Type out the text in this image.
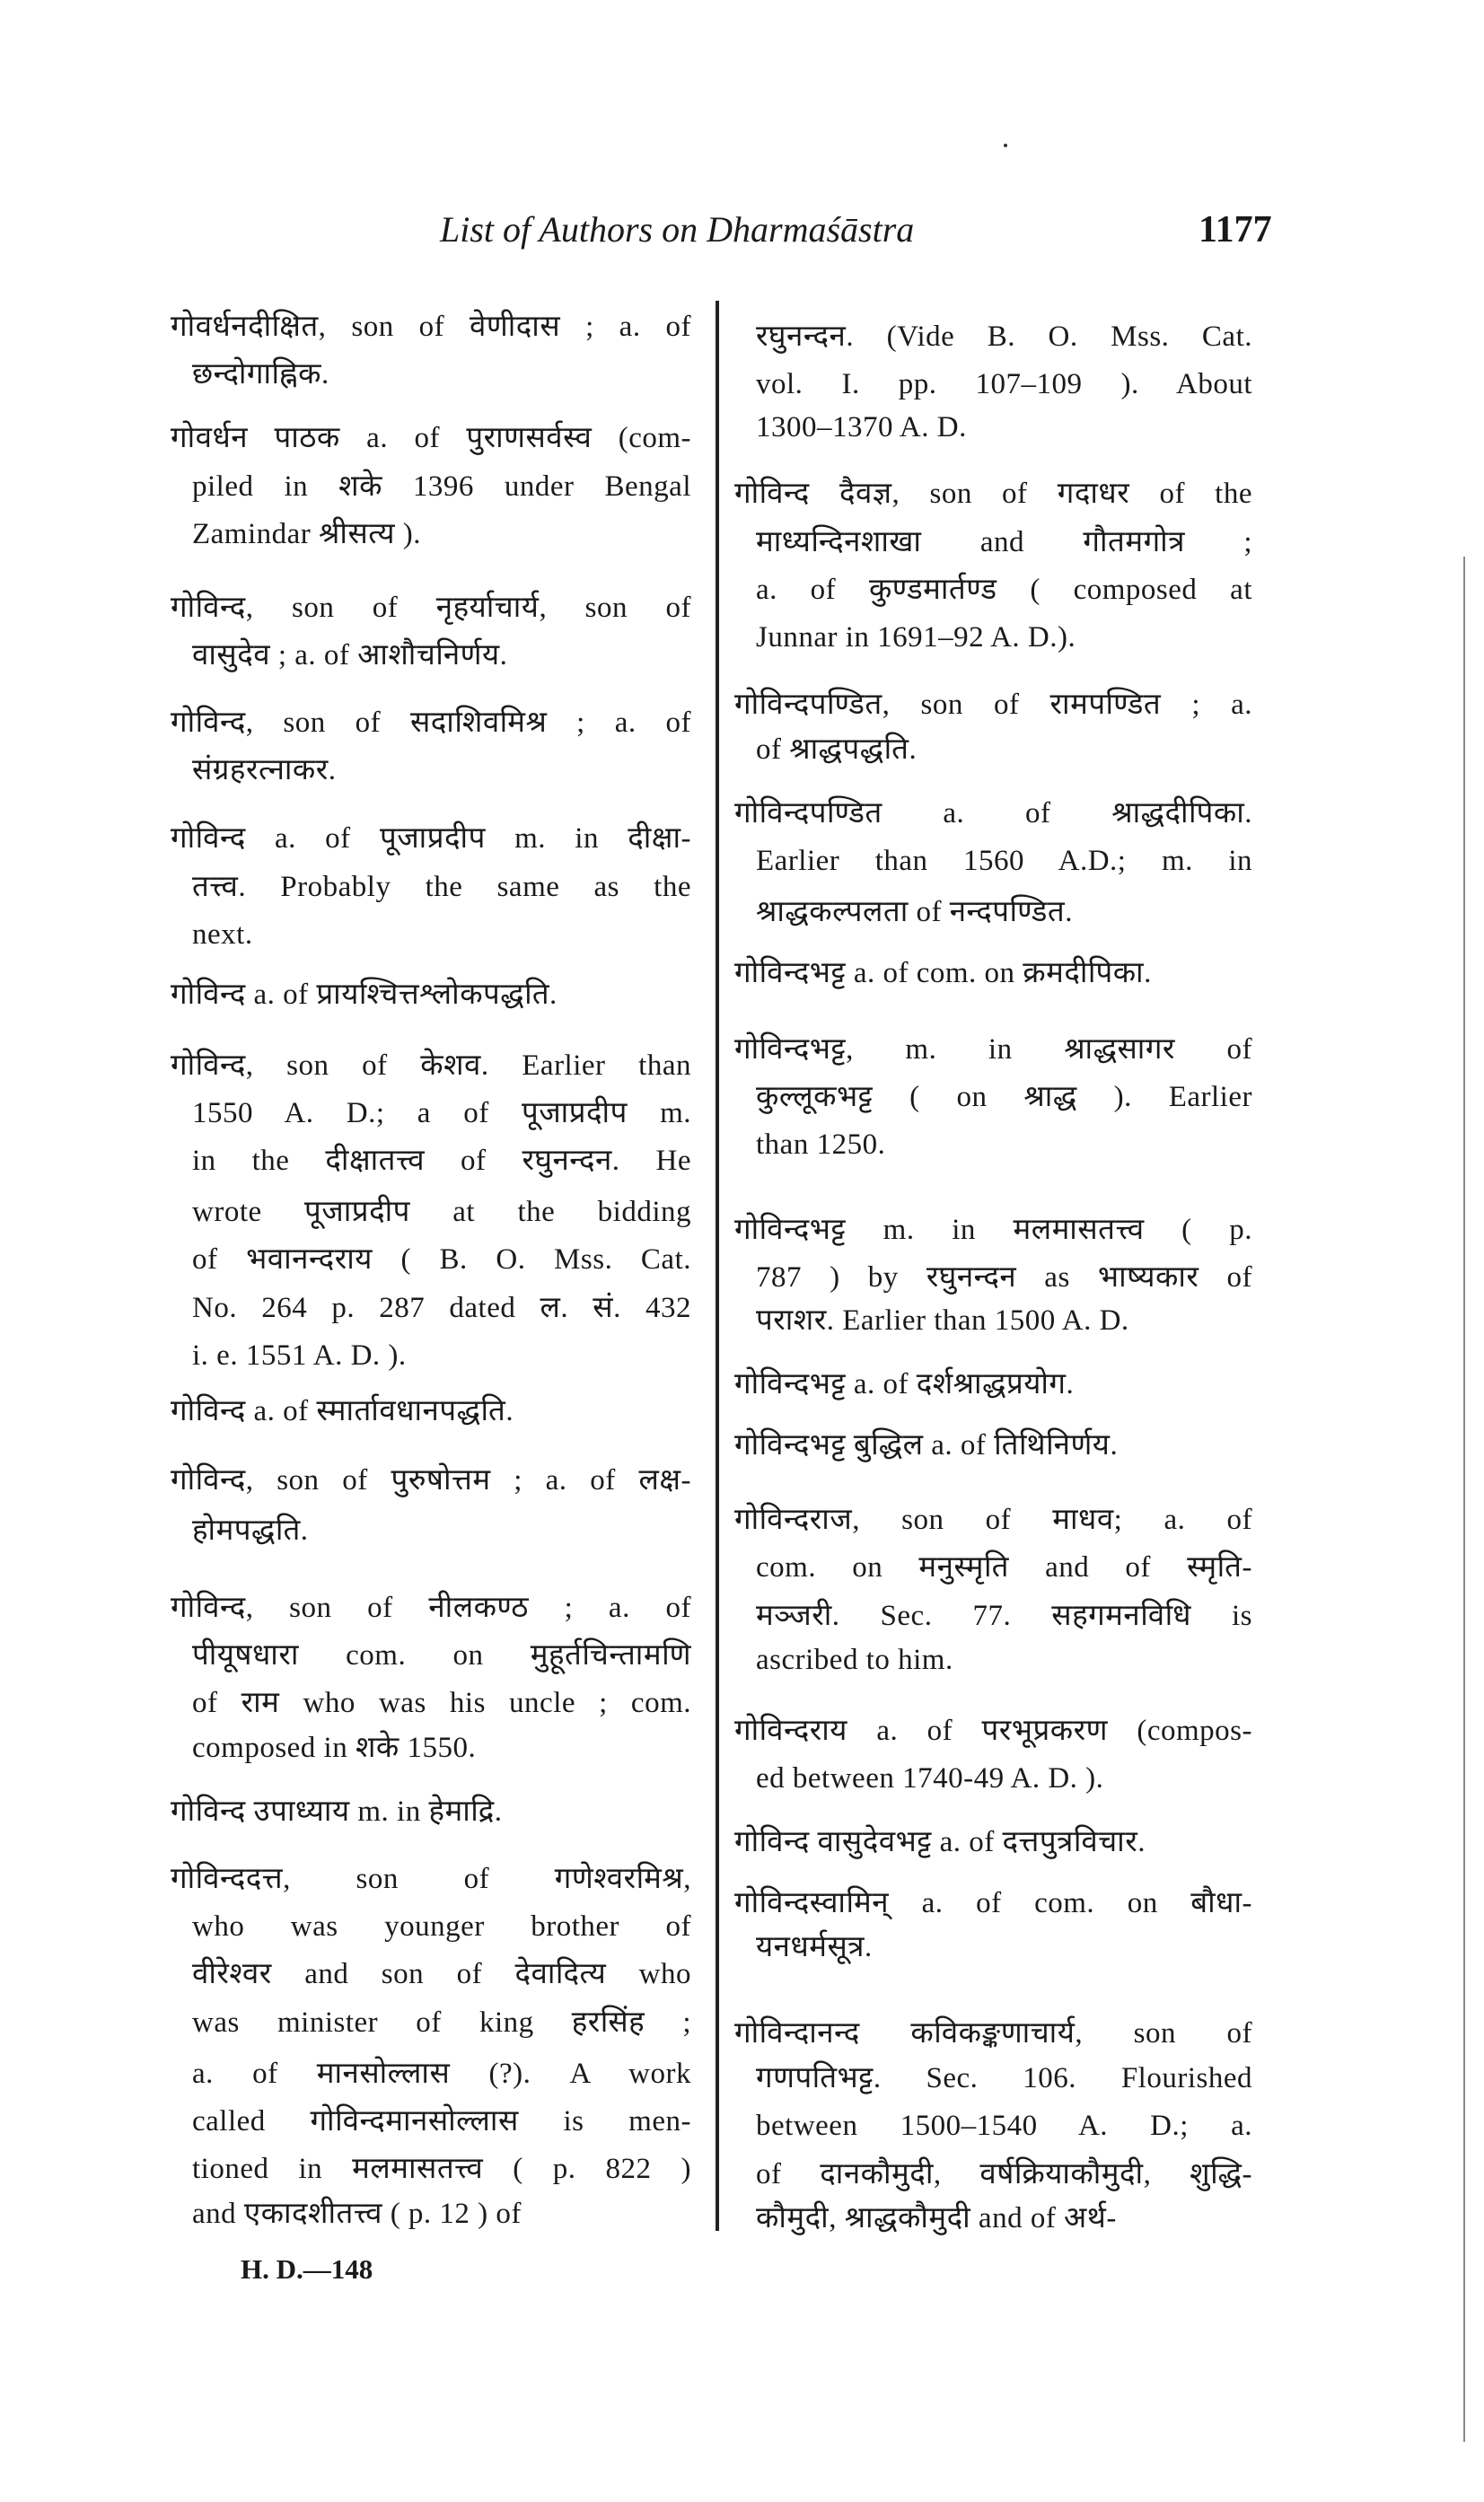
List of Authors on Dharmaśāstra	1177
गोवर्धनदीक्षित, son of वेणीदास ; a. of
छन्दोगाह्निक.
गोवर्धन पाठक a. of पुराणसर्वस्व (com-
piled in शके 1396 under Bengal
Zamindar श्रीसत्य ).
गोविन्द, son of नृहर्याचार्य, son of
वासुदेव ; a. of आशौचनिर्णय.
गोविन्द, son of सदाशिवमिश्र ; a. of
संग्रहरत्नाकर.
गोविन्द a. of पूजाप्रदीप m. in दीक्षा-
तत्त्व. Probably the same as the
next.
गोविन्द a. of प्रायश्चित्तश्लोकपद्धति.
गोविन्द, son of केशव. Earlier than
1550 A. D.; a of पूजाप्रदीप m.
in the दीक्षातत्त्व of रघुनन्दन. He
wrote पूजाप्रदीप at the bidding
of भवानन्दराय ( B. O. Mss. Cat.
No. 264 p. 287 dated ल. सं. 432
i. e. 1551 A. D. ).
गोविन्द a. of स्मार्तावधानपद्धति.
गोविन्द, son of पुरुषोत्तम ; a. of लक्ष-
होमपद्धति.
गोविन्द, son of नीलकण्ठ ; a. of
पीयूषधारा com. on मुहूर्तचिन्तामणि
of राम who was his uncle ; com.
composed in शके 1550.
गोविन्द उपाध्याय m. in हेमाद्रि.
गोविन्ददत्त, son of गणेश्वरमिश्र,
who was younger brother of
वीरेश्वर and son of देवादित्य who
was minister of king हरसिंह ;
a. of मानसोल्लास (?). A work
called गोविन्दमानसोल्लास is men-
tioned in मलमासतत्त्व ( p. 822 )
and एकादशीतत्त्व ( p. 12 ) of
रघुनन्दन. (Vide B. O. Mss. Cat.
vol. I. pp. 107–109 ). About
1300–1370 A. D.
गोविन्द दैवज्ञ, son of गदाधर of the
माध्यन्दिनशाखा and गौतमगोत्र ;
a. of कुण्डमार्तण्ड ( composed at
Junnar in 1691–92 A. D.).
गोविन्दपण्डित, son of रामपण्डित ; a.
of श्राद्धपद्धति.
गोविन्दपण्डित a. of श्राद्धदीपिका.
Earlier than 1560 A.D.; m. in
श्राद्धकल्पलता of नन्दपण्डित.
गोविन्दभट्ट a. of com. on क्रमदीपिका.
गोविन्दभट्ट, m. in श्राद्धसागर of
कुल्लूकभट्ट ( on श्राद्ध ). Earlier
than 1250.
गोविन्दभट्ट m. in मलमासतत्त्व ( p.
787 ) by रघुनन्दन as भाष्यकार of
पराशर. Earlier than 1500 A. D.
गोविन्दभट्ट a. of दर्शश्राद्धप्रयोग.
गोविन्दभट्ट बुद्धिल a. of तिथिनिर्णय.
गोविन्दराज, son of माधव; a. of
com. on मनुस्मृति and of स्मृति-
मञ्जरी. Sec. 77. सहगमनविधि is
ascribed to him.
गोविन्दराय a. of परभूप्रकरण (compos-
ed between 1740-49 A. D. ).
गोविन्द वासुदेवभट्ट a. of दत्तपुत्रविचार.
गोविन्दस्वामिन् a. of com. on बौधा-
यनधर्मसूत्र.
गोविन्दानन्द कविकङ्कणाचार्य, son of
गणपतिभट्ट. Sec. 106. Flourished
between 1500–1540 A. D.; a.
of दानकौमुदी, वर्षक्रियाकौमुदी, शुद्धि-
कौमुदी, श्राद्धकौमुदी and of अर्थ-
H. D.—148
